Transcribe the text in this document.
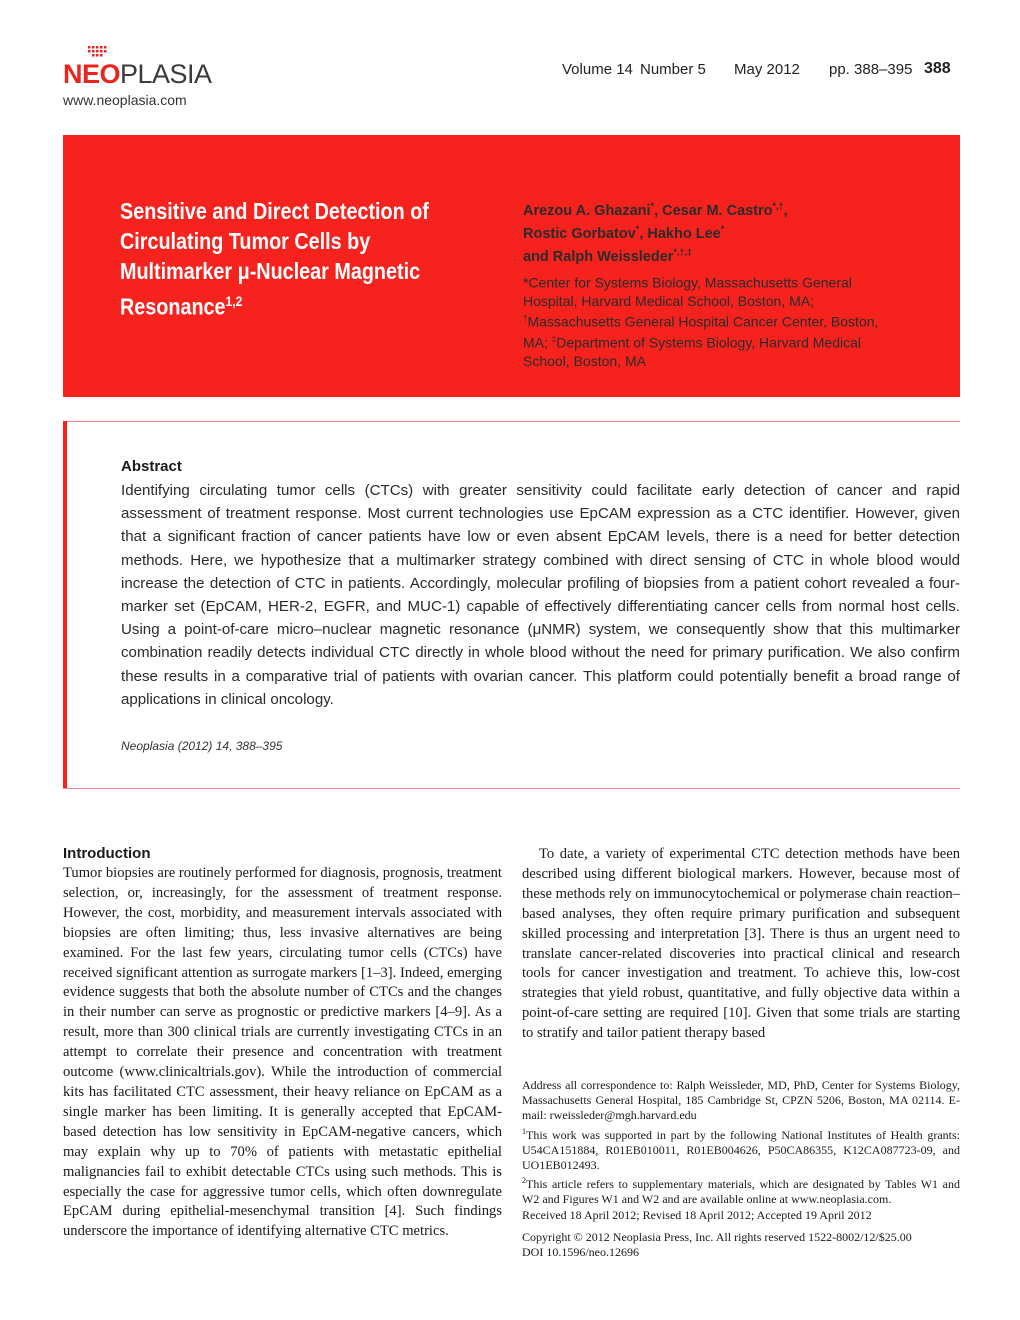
NEOPLASIA
www.neoplasia.com
Volume 14 Number 5 May 2012 pp. 388–395 388
Sensitive and Direct Detection of Circulating Tumor Cells by Multimarker μ-Nuclear Magnetic Resonance$^{1,2}$
Arezou A. Ghazani*, Cesar M. Castro*,†,
Rostic Gorbatov*, Hakho Lee*
and Ralph Weissleder*,†,‡
*Center for Systems Biology, Massachusetts General Hospital, Harvard Medical School, Boston, MA; †Massachusetts General Hospital Cancer Center, Boston, MA; ‡Department of Systems Biology, Harvard Medical School, Boston, MA
Abstract
Identifying circulating tumor cells (CTCs) with greater sensitivity could facilitate early detection of cancer and rapid assessment of treatment response. Most current technologies use EpCAM expression as a CTC identifier. However, given that a significant fraction of cancer patients have low or even absent EpCAM levels, there is a need for better detection methods. Here, we hypothesize that a multimarker strategy combined with direct sensing of CTC in whole blood would increase the detection of CTC in patients. Accordingly, molecular profiling of biopsies from a patient cohort revealed a four-marker set (EpCAM, HER-2, EGFR, and MUC-1) capable of effectively differentiating cancer cells from normal host cells. Using a point-of-care micro–nuclear magnetic resonance (μNMR) system, we consequently show that this multimarker combination readily detects individual CTC directly in whole blood without the need for primary purification. We also confirm these results in a comparative trial of patients with ovarian cancer. This platform could potentially benefit a broad range of applications in clinical oncology.
Neoplasia (2012) 14, 388–395
Introduction

Tumor biopsies are routinely performed for diagnosis, prognosis, treatment selection, or, increasingly, for the assessment of treatment response. However, the cost, morbidity, and measurement intervals associated with biopsies are often limiting; thus, less invasive alternatives are being examined. For the last few years, circulating tumor cells (CTCs) have received significant attention as surrogate markers [1–3]. Indeed, emerging evidence suggests that both the absolute number of CTCs and the changes in their number can serve as prognostic or predictive markers [4–9]. As a result, more than 300 clinical trials are currently investigating CTCs in an attempt to correlate their presence and concentration with treatment outcome (www.clinicaltrials.gov). While the introduction of commercial kits has facilitated CTC assessment, their heavy reliance on EpCAM as a single marker has been limiting. It is generally accepted that EpCAM-based detection has low sensitivity in EpCAM-negative cancers, which may explain why up to 70% of patients with metastatic epithelial malignancies fail to exhibit detectable CTCs using such methods. This is especially the case for aggressive tumor cells, which often downregulate EpCAM during epithelial-mesenchymal transition [4]. Such findings underscore the importance of identifying alternative CTC metrics.

To date, a variety of experimental CTC detection methods have been described using different biological markers. However, because most of these methods rely on immunocytochemical or polymerase chain reaction–based analyses, they often require primary purification and subsequent skilled processing and interpretation [3]. There is thus an urgent need to translate cancer-related discoveries into practical clinical and research tools for cancer investigation and treatment. To achieve this, low-cost strategies that yield robust, quantitative, and fully objective data within a point-of-care setting are required [10]. Given that some trials are starting to stratify and tailor patient therapy based

Address all correspondence to: Ralph Weissleder, MD, PhD, Center for Systems Biology, Massachusetts General Hospital, 185 Cambridge St, CPZN 5206, Boston, MA 02114. E-mail: rweissleder@mgh.harvard.edu

$^1$This work was supported in part by the following National Institutes of Health grants: U54CA151884, R01EB010011, R01EB004626, P50CA86355, K12CA087723-09, and UO1EB012493.

$^2$This article refers to supplementary materials, which are designated by Tables W1 and W2 and Figures W1 and W2 and are available online at www.neoplasia.com.

Received 18 April 2012; Revised 18 April 2012; Accepted 19 April 2012

Copyright © 2012 Neoplasia Press, Inc. All rights reserved 1522-8002/12/$25.00

DOI 10.1596/neo.12696
